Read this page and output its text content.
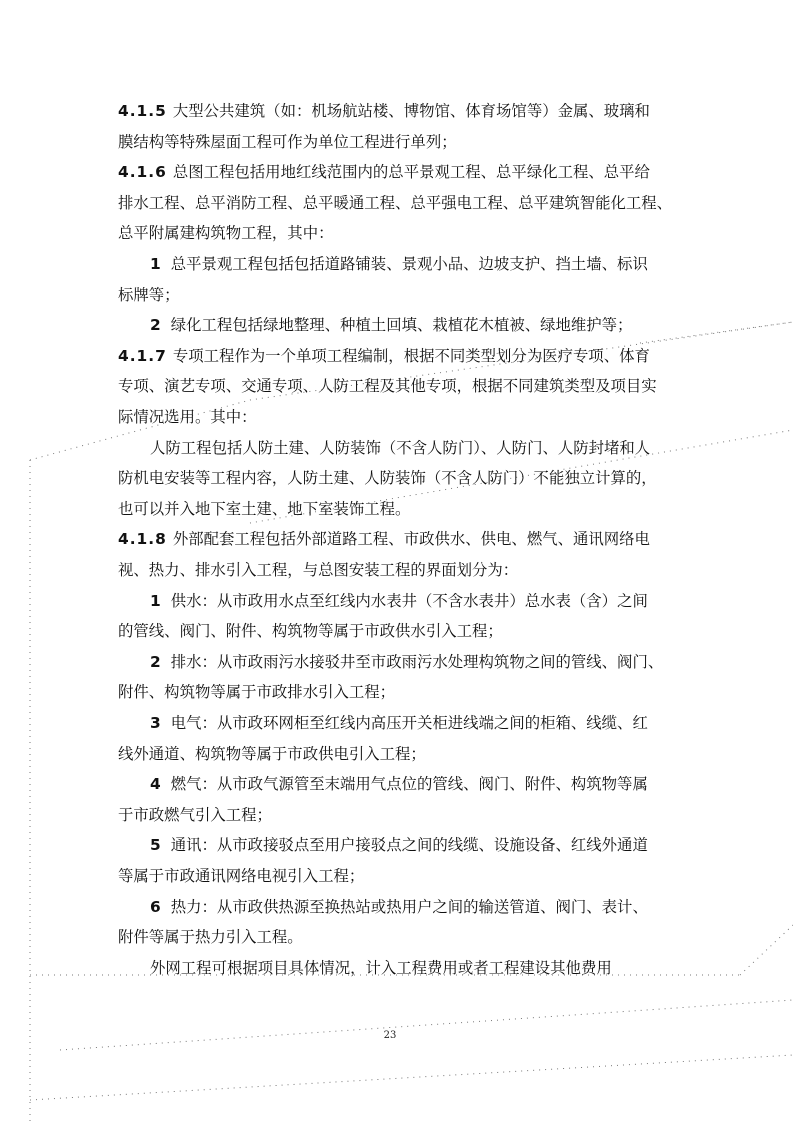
4.1.5 大型公共建筑（如：机场航站楼、博物馆、体育场馆等）金属、玻璃和
膜结构等特殊屋面工程可作为单位工程进行单列；
4.1.6 总图工程包括用地红线范围内的总平景观工程、总平绿化工程、总平给
排水工程、总平消防工程、总平暖通工程、总平强电工程、总平建筑智能化工程、
总平附属建构筑物工程，其中：
1 总平景观工程包括包括道路铺装、景观小品、边坡支护、挡土墙、标识
标牌等；
2 绿化工程包括绿地整理、种植土回填、栽植花木植被、绿地维护等；
4.1.7 专项工程作为一个单项工程编制，根据不同类型划分为医疗专项、体育
专项、演艺专项、交通专项、人防工程及其他专项，根据不同建筑类型及项目实
际情况选用。其中：
人防工程包括人防土建、人防装饰（不含人防门）、人防门、人防封堵和人
防机电安装等工程内容，人防土建、人防装饰（不含人防门）不能独立计算的，
也可以并入地下室土建、地下室装饰工程。
4.1.8 外部配套工程包括外部道路工程、市政供水、供电、燃气、通讯网络电
视、热力、排水引入工程，与总图安装工程的界面划分为：
1 供水：从市政用水点至红线内水表井（不含水表井）总水表（含）之间
的管线、阀门、附件、构筑物等属于市政供水引入工程；
2 排水：从市政雨污水接驳井至市政雨污水处理构筑物之间的管线、阀门、
附件、构筑物等属于市政排水引入工程；
3 电气：从市政环网柜至红线内高压开关柜进线端之间的柜箱、线缆、红
线外通道、构筑物等属于市政供电引入工程；
4 燃气：从市政气源管至末端用气点位的管线、阀门、附件、构筑物等属
于市政燃气引入工程；
5 通讯：从市政接驳点至用户接驳点之间的线缆、设施设备、红线外通道
等属于市政通讯网络电视引入工程；
6 热力：从市政供热源至换热站或热用户之间的输送管道、阀门、表计、
附件等属于热力引入工程。
外网工程可根据项目具体情况，计入工程费用或者工程建设其他费用
23
